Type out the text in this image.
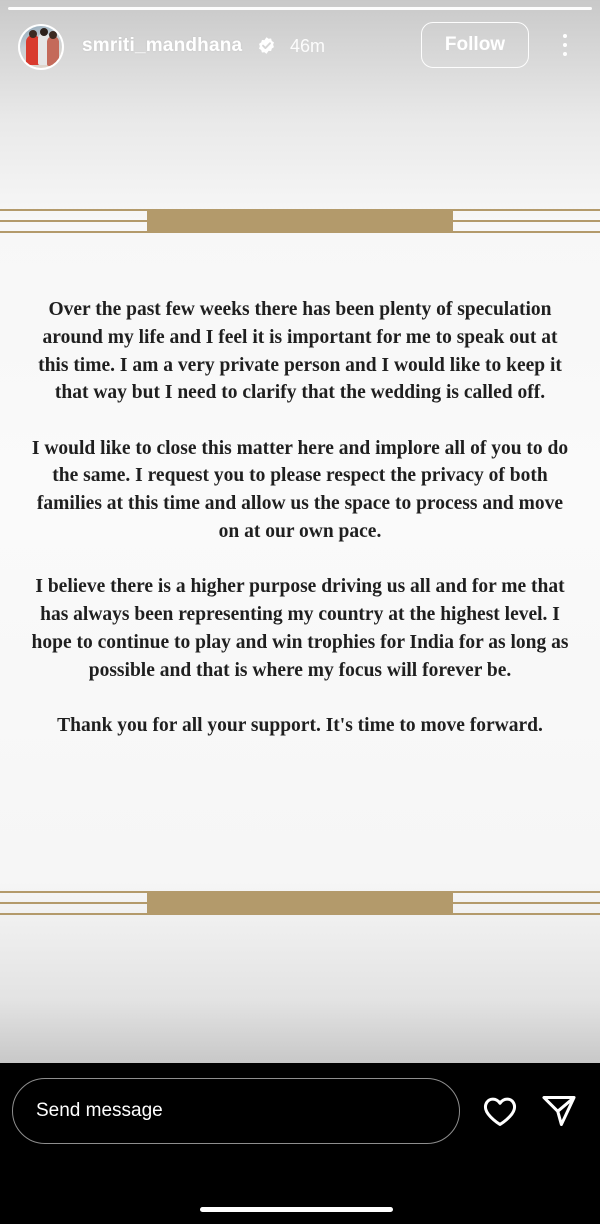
smriti_mandhana	46m	Follow

Over the past few weeks there has been plenty of speculation around my life and I feel it is important for me to speak out at this time. I am a very private person and I would like to keep it that way but I need to clarify that the wedding is called off.

I would like to close this matter here and implore all of you to do the same. I request you to please respect the privacy of both families at this time and allow us the space to process and move on at our own pace.

I believe there is a higher purpose driving us all and for me that has always been representing my country at the highest level. I hope to continue to play and win trophies for India for as long as possible and that is where my focus will forever be.

Thank you for all your support. It's time to move forward.

Send message
